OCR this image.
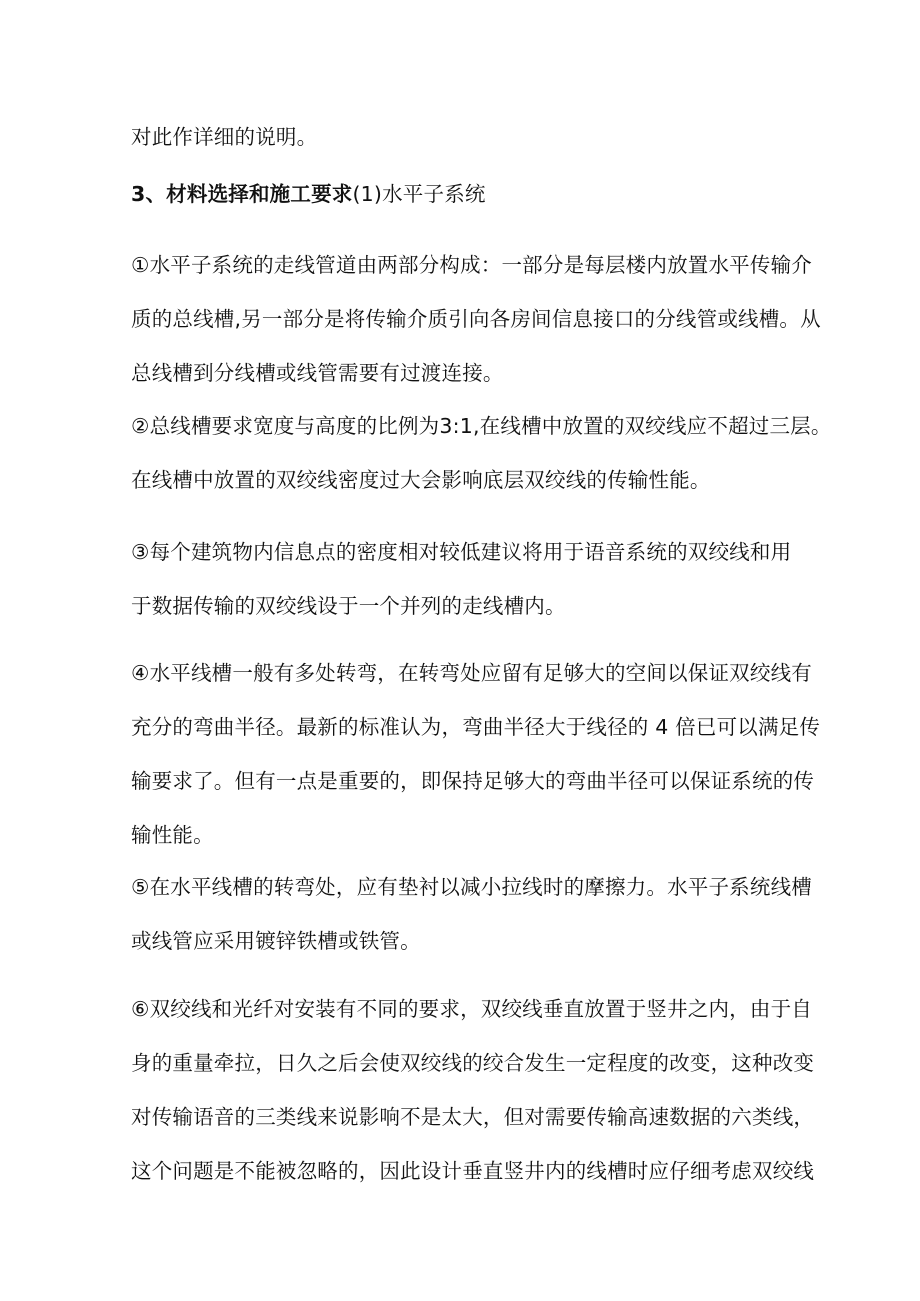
对此作详细的说明。

3、材料选择和施工要求(1)水平子系统

①水平子系统的走线管道由两部分构成：一部分是每层楼内放置水平传输介
质的总线槽,另一部分是将传输介质引向各房间信息接口的分线管或线槽。从
总线槽到分线槽或线管需要有过渡连接。

②总线槽要求宽度与高度的比例为3:1,在线槽中放置的双绞线应不超过三层。
在线槽中放置的双绞线密度过大会影响底层双绞线的传输性能。

③每个建筑物内信息点的密度相对较低建议将用于语音系统的双绞线和用
于数据传输的双绞线设于一个并列的走线槽内。

④水平线槽一般有多处转弯，在转弯处应留有足够大的空间以保证双绞线有
充分的弯曲半径。最新的标准认为，弯曲半径大于线径的 4 倍已可以满足传
输要求了。但有一点是重要的，即保持足够大的弯曲半径可以保证系统的传
输性能。

⑤在水平线槽的转弯处，应有垫衬以减小拉线时的摩擦力。水平子系统线槽
或线管应采用镀锌铁槽或铁管。

⑥双绞线和光纤对安装有不同的要求，双绞线垂直放置于竖井之内，由于自
身的重量牵拉，日久之后会使双绞线的绞合发生一定程度的改变，这种改变
对传输语音的三类线来说影响不是太大，但对需要传输高速数据的六类线，
这个问题是不能被忽略的，因此设计垂直竖井内的线槽时应仔细考虑双绞线
